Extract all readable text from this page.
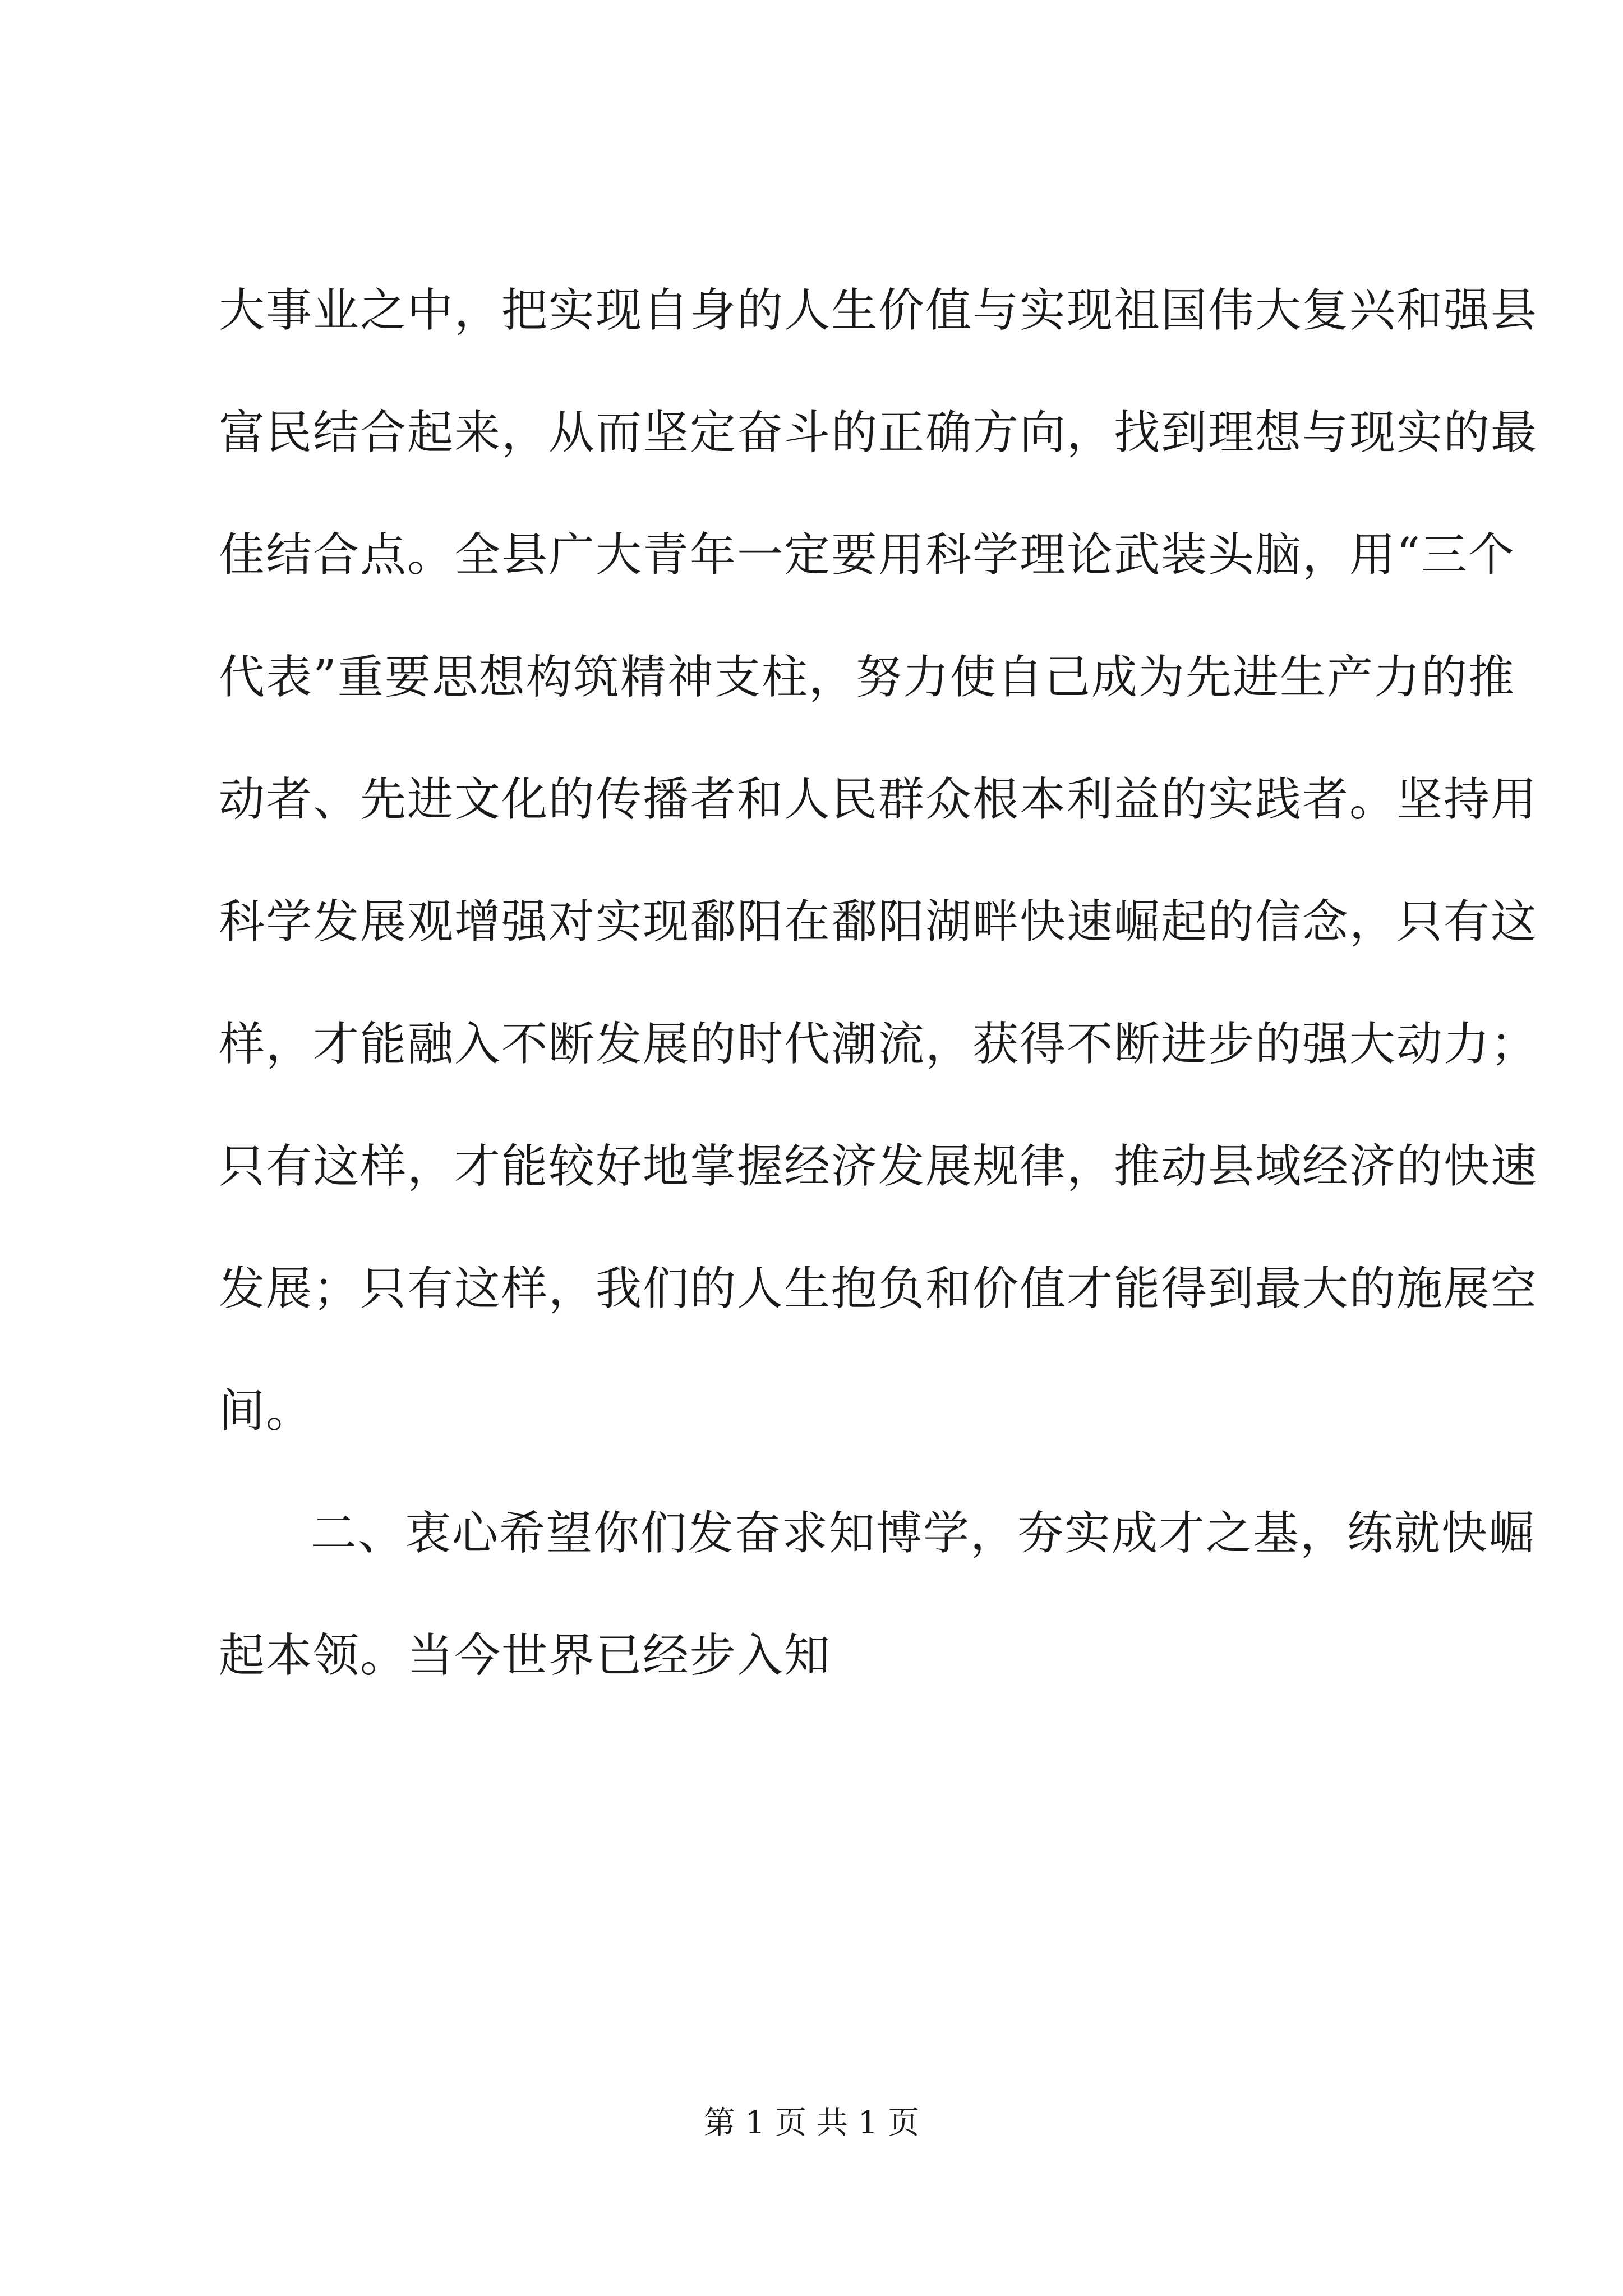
大事业之中，把实现自身的人生价值与实现祖国伟大复兴和强县
富民结合起来，从而坚定奋斗的正确方向，找到理想与现实的最
佳结合点。全县广大青年一定要用科学理论武装头脑，用“三个
代表”重要思想构筑精神支柱，努力使自己成为先进生产力的推
动者、先进文化的传播者和人民群众根本利益的实践者。坚持用
科学发展观增强对实现鄱阳在鄱阳湖畔快速崛起的信念，只有这
样，才能融入不断发展的时代潮流，获得不断进步的强大动力；
只有这样，才能较好地掌握经济发展规律，推动县域经济的快速
发展；只有这样，我们的人生抱负和价值才能得到最大的施展空
间。
二、衷心希望你们发奋求知博学，夯实成才之基，练就快崛
起本领。当今世界已经步入知
第 1 页 共 1 页
